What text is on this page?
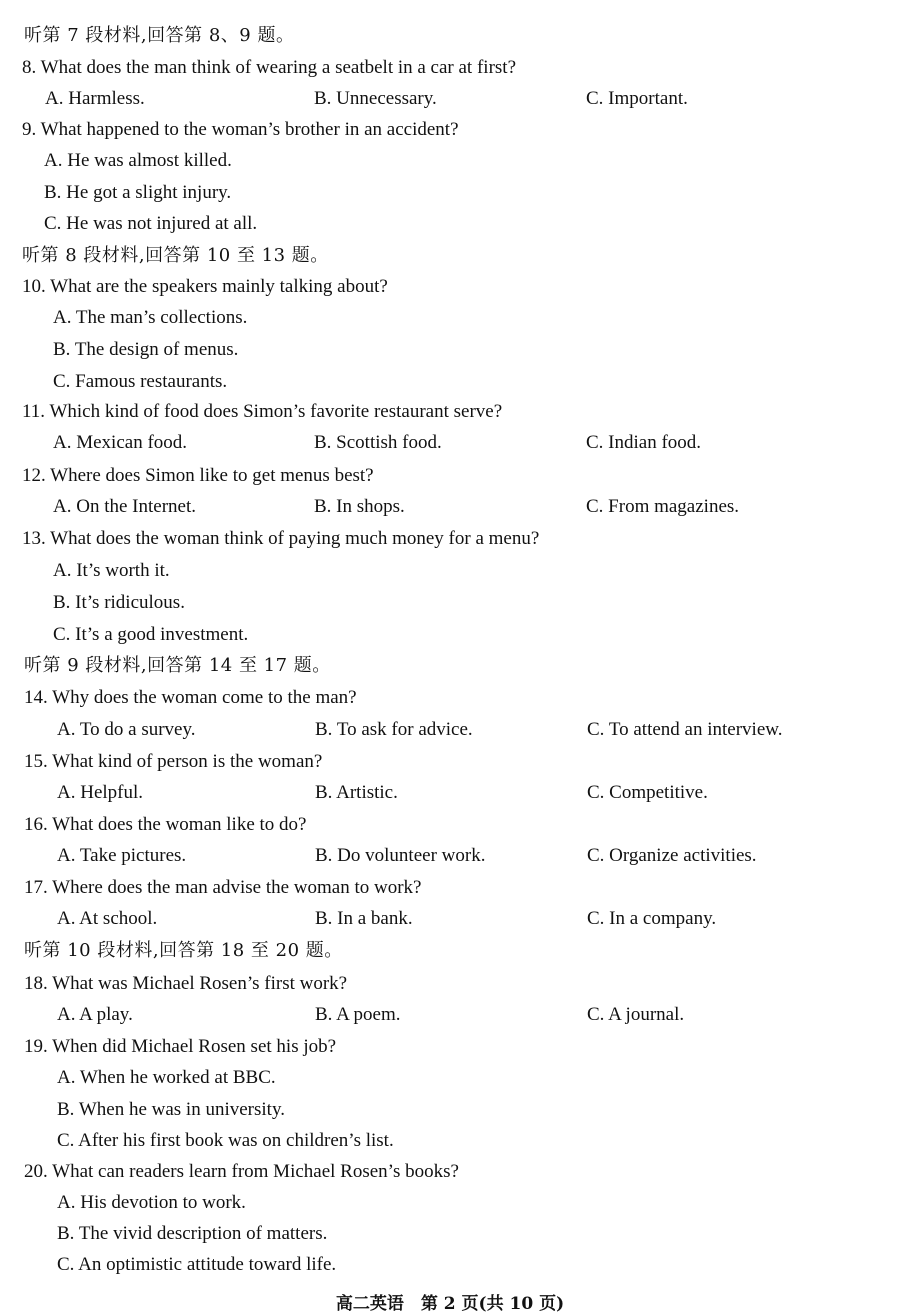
听第 7 段材料,回答第 8、9 题。
8. What does the man think of wearing a seatbelt in a car at first?
A. Harmless.	B. Unnecessary.	C. Important.
9. What happened to the woman’s brother in an accident?
A. He was almost killed.
B. He got a slight injury.
C. He was not injured at all.
听第 8 段材料,回答第 10 至 13 题。
10. What are the speakers mainly talking about?
A. The man’s collections.
B. The design of menus.
C. Famous restaurants.
11. Which kind of food does Simon’s favorite restaurant serve?
A. Mexican food.	B. Scottish food.	C. Indian food.
12. Where does Simon like to get menus best?
A. On the Internet.	B. In shops.	C. From magazines.
13. What does the woman think of paying much money for a menu?
A. It’s worth it.
B. It’s ridiculous.
C. It’s a good investment.
听第 9 段材料,回答第 14 至 17 题。
14. Why does the woman come to the man?
A. To do a survey.	B. To ask for advice.	C. To attend an interview.
15. What kind of person is the woman?
A. Helpful.	B. Artistic.	C. Competitive.
16. What does the woman like to do?
A. Take pictures.	B. Do volunteer work.	C. Organize activities.
17. Where does the man advise the woman to work?
A. At school.	B. In a bank.	C. In a company.
听第 10 段材料,回答第 18 至 20 题。
18. What was Michael Rosen’s first work?
A. A play.	B. A poem.	C. A journal.
19. When did Michael Rosen set his job?
A. When he worked at BBC.
B. When he was in university.
C. After his first book was on children’s list.
20. What can readers learn from Michael Rosen’s books?
A. His devotion to work.
B. The vivid description of matters.
C. An optimistic attitude toward life.
高二英语　第 2 页(共 10 页)
